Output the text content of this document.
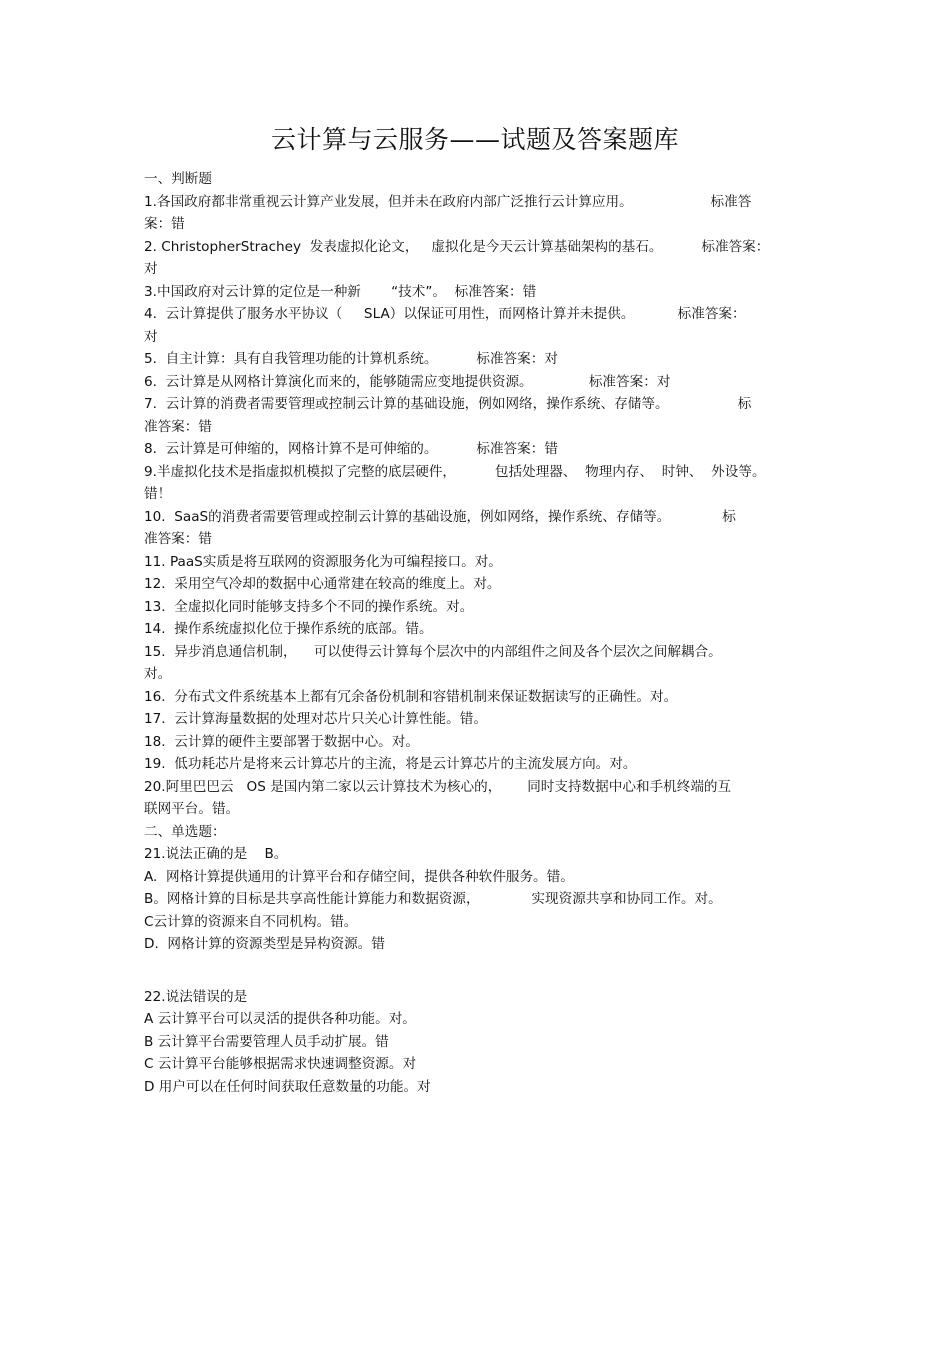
云计算与云服务——试题及答案题库
一、判断题
1.各国政府都非常重视云计算产业发展，但并未在政府内部广泛推行云计算应用。                  标准答
案：错
2. ChristopherStrachey  发表虚拟化论文，   虚拟化是今天云计算基础架构的基石。         标准答案：
对
3.中国政府对云计算的定位是一种新       “技术”。  标准答案：错
4.  云计算提供了服务水平协议（     SLA）以保证可用性，而网格计算并未提供。          标准答案：
对
5.  自主计算：具有自我管理功能的计算机系统。         标准答案：对
6.  云计算是从网格计算演化而来的，能够随需应变地提供资源。             标准答案：对
7.  云计算的消费者需要管理或控制云计算的基础设施，例如网络，操作系统、存储等。                标
准答案：错
8.  云计算是可伸缩的，网格计算不是可伸缩的。         标准答案：错
9.半虚拟化技术是指虚拟机模拟了完整的底层硬件，         包括处理器、  物理内存、  时钟、  外设等。
错！
10.  SaaS的消费者需要管理或控制云计算的基础设施，例如网络，操作系统、存储等。            标
准答案：错
11. PaaS实质是将互联网的资源服务化为可编程接口。对。
12.  采用空气冷却的数据中心通常建在较高的维度上。对。
13.  全虚拟化同时能够支持多个不同的操作系统。对。
14.  操作系统虚拟化位于操作系统的底部。错。
15.  异步消息通信机制，    可以使得云计算每个层次中的内部组件之间及各个层次之间解耦合。
对。
16.  分布式文件系统基本上都有冗余备份机制和容错机制来保证数据读写的正确性。对。
17.  云计算海量数据的处理对芯片只关心计算性能。错。
18.  云计算的硬件主要部署于数据中心。对。
19.  低功耗芯片是将来云计算芯片的主流，将是云计算芯片的主流发展方向。对。
20.阿里巴巴云   OS 是国内第二家以云计算技术为核心的，      同时支持数据中心和手机终端的互
联网平台。错。
二、单选题：
21.说法正确的是    B。
A.  网格计算提供通用的计算平台和存储空间，提供各种软件服务。错。
B。网格计算的目标是共享高性能计算能力和数据资源，            实现资源共享和协同工作。对。
C云计算的资源来自不同机构。错。
D.  网格计算的资源类型是异构资源。错
22.说法错误的是
A 云计算平台可以灵活的提供各种功能。对。
B 云计算平台需要管理人员手动扩展。错
C 云计算平台能够根据需求快速调整资源。对
D 用户可以在任何时间获取任意数量的功能。对
